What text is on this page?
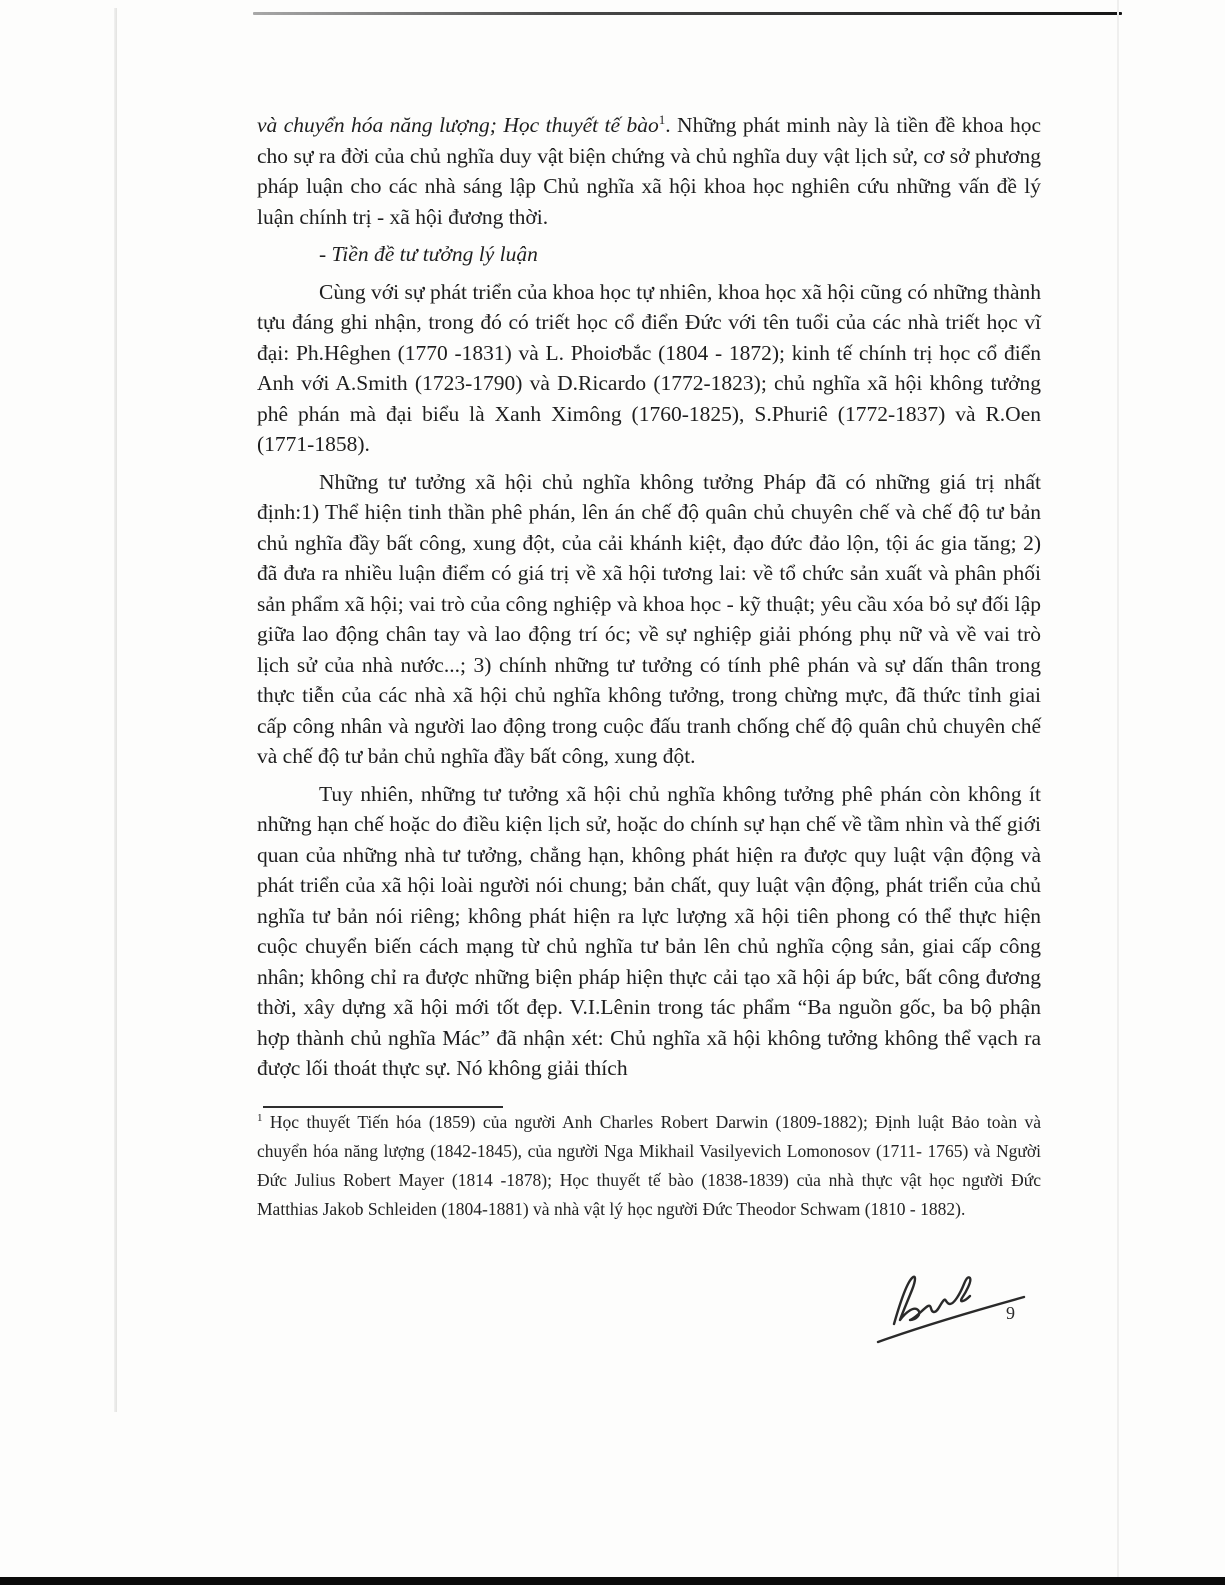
và chuyển hóa năng lượng; Học thuyết tế bào$^1$. Những phát minh này là tiền đề khoa học cho sự ra đời của chủ nghĩa duy vật biện chứng và chủ nghĩa duy vật lịch sử, cơ sở phương pháp luận cho các nhà sáng lập Chủ nghĩa xã hội khoa học nghiên cứu những vấn đề lý luận chính trị - xã hội đương thời.

- Tiền đề tư tưởng lý luận

Cùng với sự phát triển của khoa học tự nhiên, khoa học xã hội cũng có những thành tựu đáng ghi nhận, trong đó có triết học cổ điển Đức với tên tuổi của các nhà triết học vĩ đại: Ph.Hêghen (1770 -1831) và L. Phoiơbắc (1804 - 1872); kinh tế chính trị học cổ điển Anh với A.Smith (1723-1790) và D.Ricardo (1772-1823); chủ nghĩa xã hội không tưởng phê phán mà đại biểu là Xanh Ximông (1760-1825), S.Phuriê (1772-1837) và R.Oen (1771-1858).

Những tư tưởng xã hội chủ nghĩa không tưởng Pháp đã có những giá trị nhất định:1) Thể hiện tinh thần phê phán, lên án chế độ quân chủ chuyên chế và chế độ tư bản chủ nghĩa đầy bất công, xung đột, của cải khánh kiệt, đạo đức đảo lộn, tội ác gia tăng; 2) đã đưa ra nhiều luận điểm có giá trị về xã hội tương lai: về tổ chức sản xuất và phân phối sản phẩm xã hội; vai trò của công nghiệp và khoa học - kỹ thuật; yêu cầu xóa bỏ sự đối lập giữa lao động chân tay và lao động trí óc; về sự nghiệp giải phóng phụ nữ và về vai trò lịch sử của nhà nước...; 3) chính những tư tưởng có tính phê phán và sự dấn thân trong thực tiễn của các nhà xã hội chủ nghĩa không tưởng, trong chừng mực, đã thức tỉnh giai cấp công nhân và người lao động trong cuộc đấu tranh chống chế độ quân chủ chuyên chế và chế độ tư bản chủ nghĩa đầy bất công, xung đột.

Tuy nhiên, những tư tưởng xã hội chủ nghĩa không tưởng phê phán còn không ít những hạn chế hoặc do điều kiện lịch sử, hoặc do chính sự hạn chế về tầm nhìn và thế giới quan của những nhà tư tưởng, chẳng hạn, không phát hiện ra được quy luật vận động và phát triển của xã hội loài người nói chung; bản chất, quy luật vận động, phát triển của chủ nghĩa tư bản nói riêng; không phát hiện ra lực lượng xã hội tiên phong có thể thực hiện cuộc chuyển biến cách mạng từ chủ nghĩa tư bản lên chủ nghĩa cộng sản, giai cấp công nhân; không chỉ ra được những biện pháp hiện thực cải tạo xã hội áp bức, bất công đương thời, xây dựng xã hội mới tốt đẹp. V.I.Lênin trong tác phẩm “Ba nguồn gốc, ba bộ phận hợp thành chủ nghĩa Mác” đã nhận xét: Chủ nghĩa xã hội không tưởng không thể vạch ra được lối thoát thực sự. Nó không giải thích

$^1$ Học thuyết Tiến hóa (1859) của người Anh Charles Robert Darwin (1809-1882); Định luật Bảo toàn và chuyển hóa năng lượng (1842-1845), của người Nga Mikhail Vasilyevich Lomonosov (1711- 1765) và Người Đức Julius Robert Mayer (1814 -1878); Học thuyết tế bào (1838-1839) của nhà thực vật học người Đức Matthias Jakob Schleiden (1804-1881) và nhà vật lý học người Đức Theodor Schwam (1810 - 1882).

9
